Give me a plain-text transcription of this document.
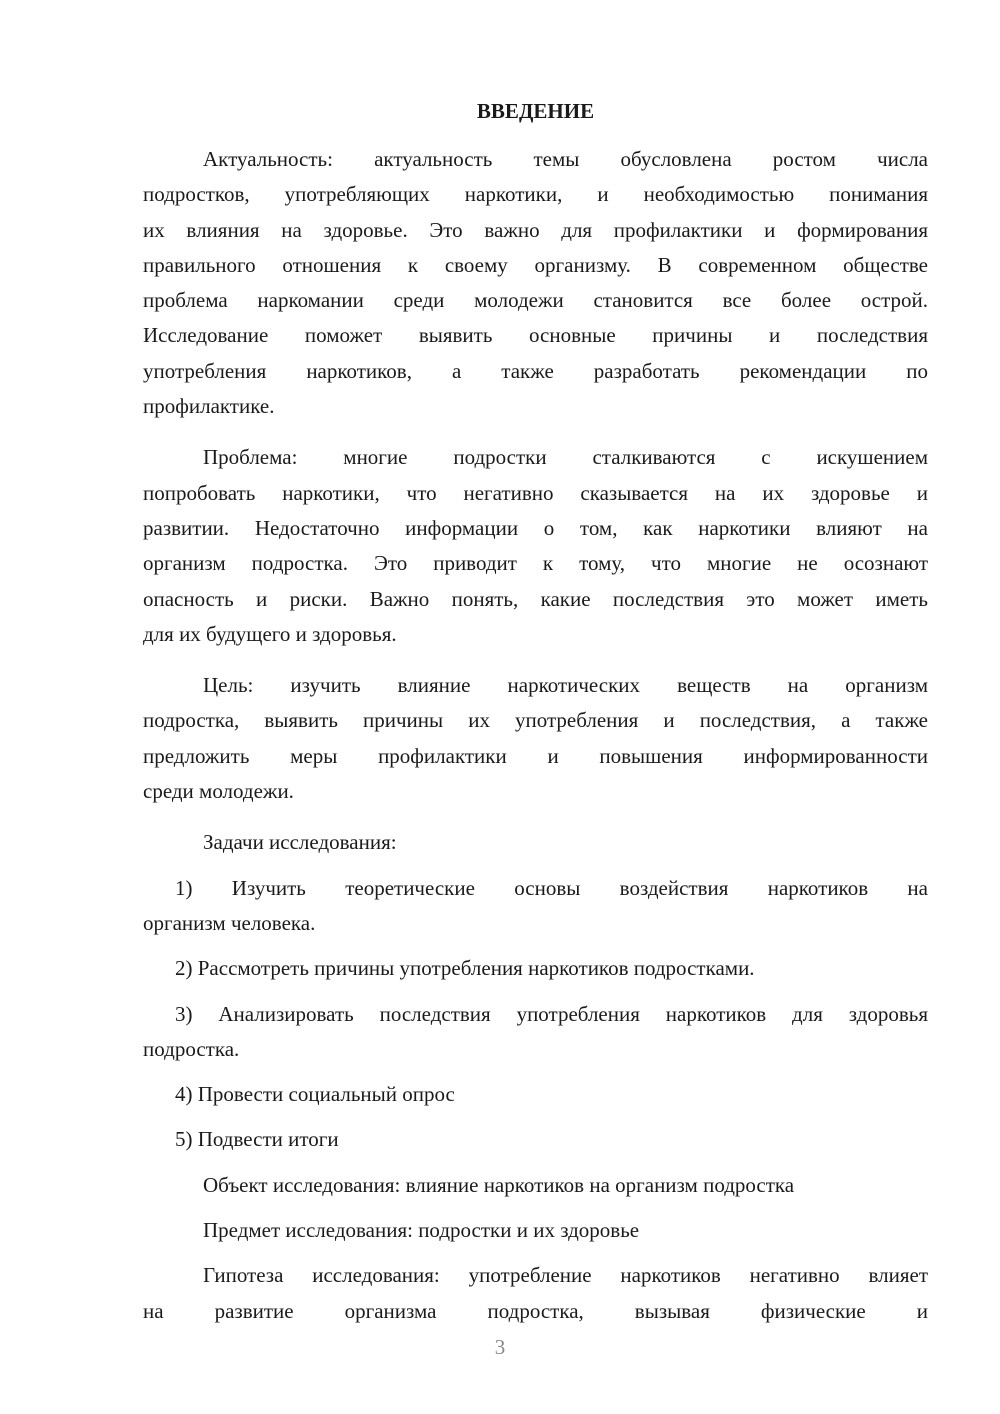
ВВЕДЕНИЕ
Актуальность: актуальность темы обусловлена ростом числа
подростков, употребляющих наркотики, и необходимостью понимания
их влияния на здоровье. Это важно для профилактики и формирования
правильного отношения к своему организму. В современном обществе
проблема наркомании среди молодежи становится все более острой.
Исследование поможет выявить основные причины и последствия
употребления наркотиков, а также разработать рекомендации по
профилактике.
Проблема: многие подростки сталкиваются с искушением
попробовать наркотики, что негативно сказывается на их здоровье и
развитии. Недостаточно информации о том, как наркотики влияют на
организм подростка. Это приводит к тому, что многие не осознают
опасность и риски. Важно понять, какие последствия это может иметь
для их будущего и здоровья.
Цель: изучить влияние наркотических веществ на организм
подростка, выявить причины их употребления и последствия, а также
предложить меры профилактики и повышения информированности
среди молодежи.
Задачи исследования:
1) Изучить теоретические основы воздействия наркотиков на
организм человека.
2) Рассмотреть причины употребления наркотиков подростками.
3) Анализировать последствия употребления наркотиков для здоровья
подростка.
4) Провести социальный опрос
5) Подвести итоги
Объект исследования: влияние наркотиков на организм подростка
Предмет исследования: подростки и их здоровье
Гипотеза исследования: употребление наркотиков негативно влияет
на развитие организма подростка, вызывая физические и
3
